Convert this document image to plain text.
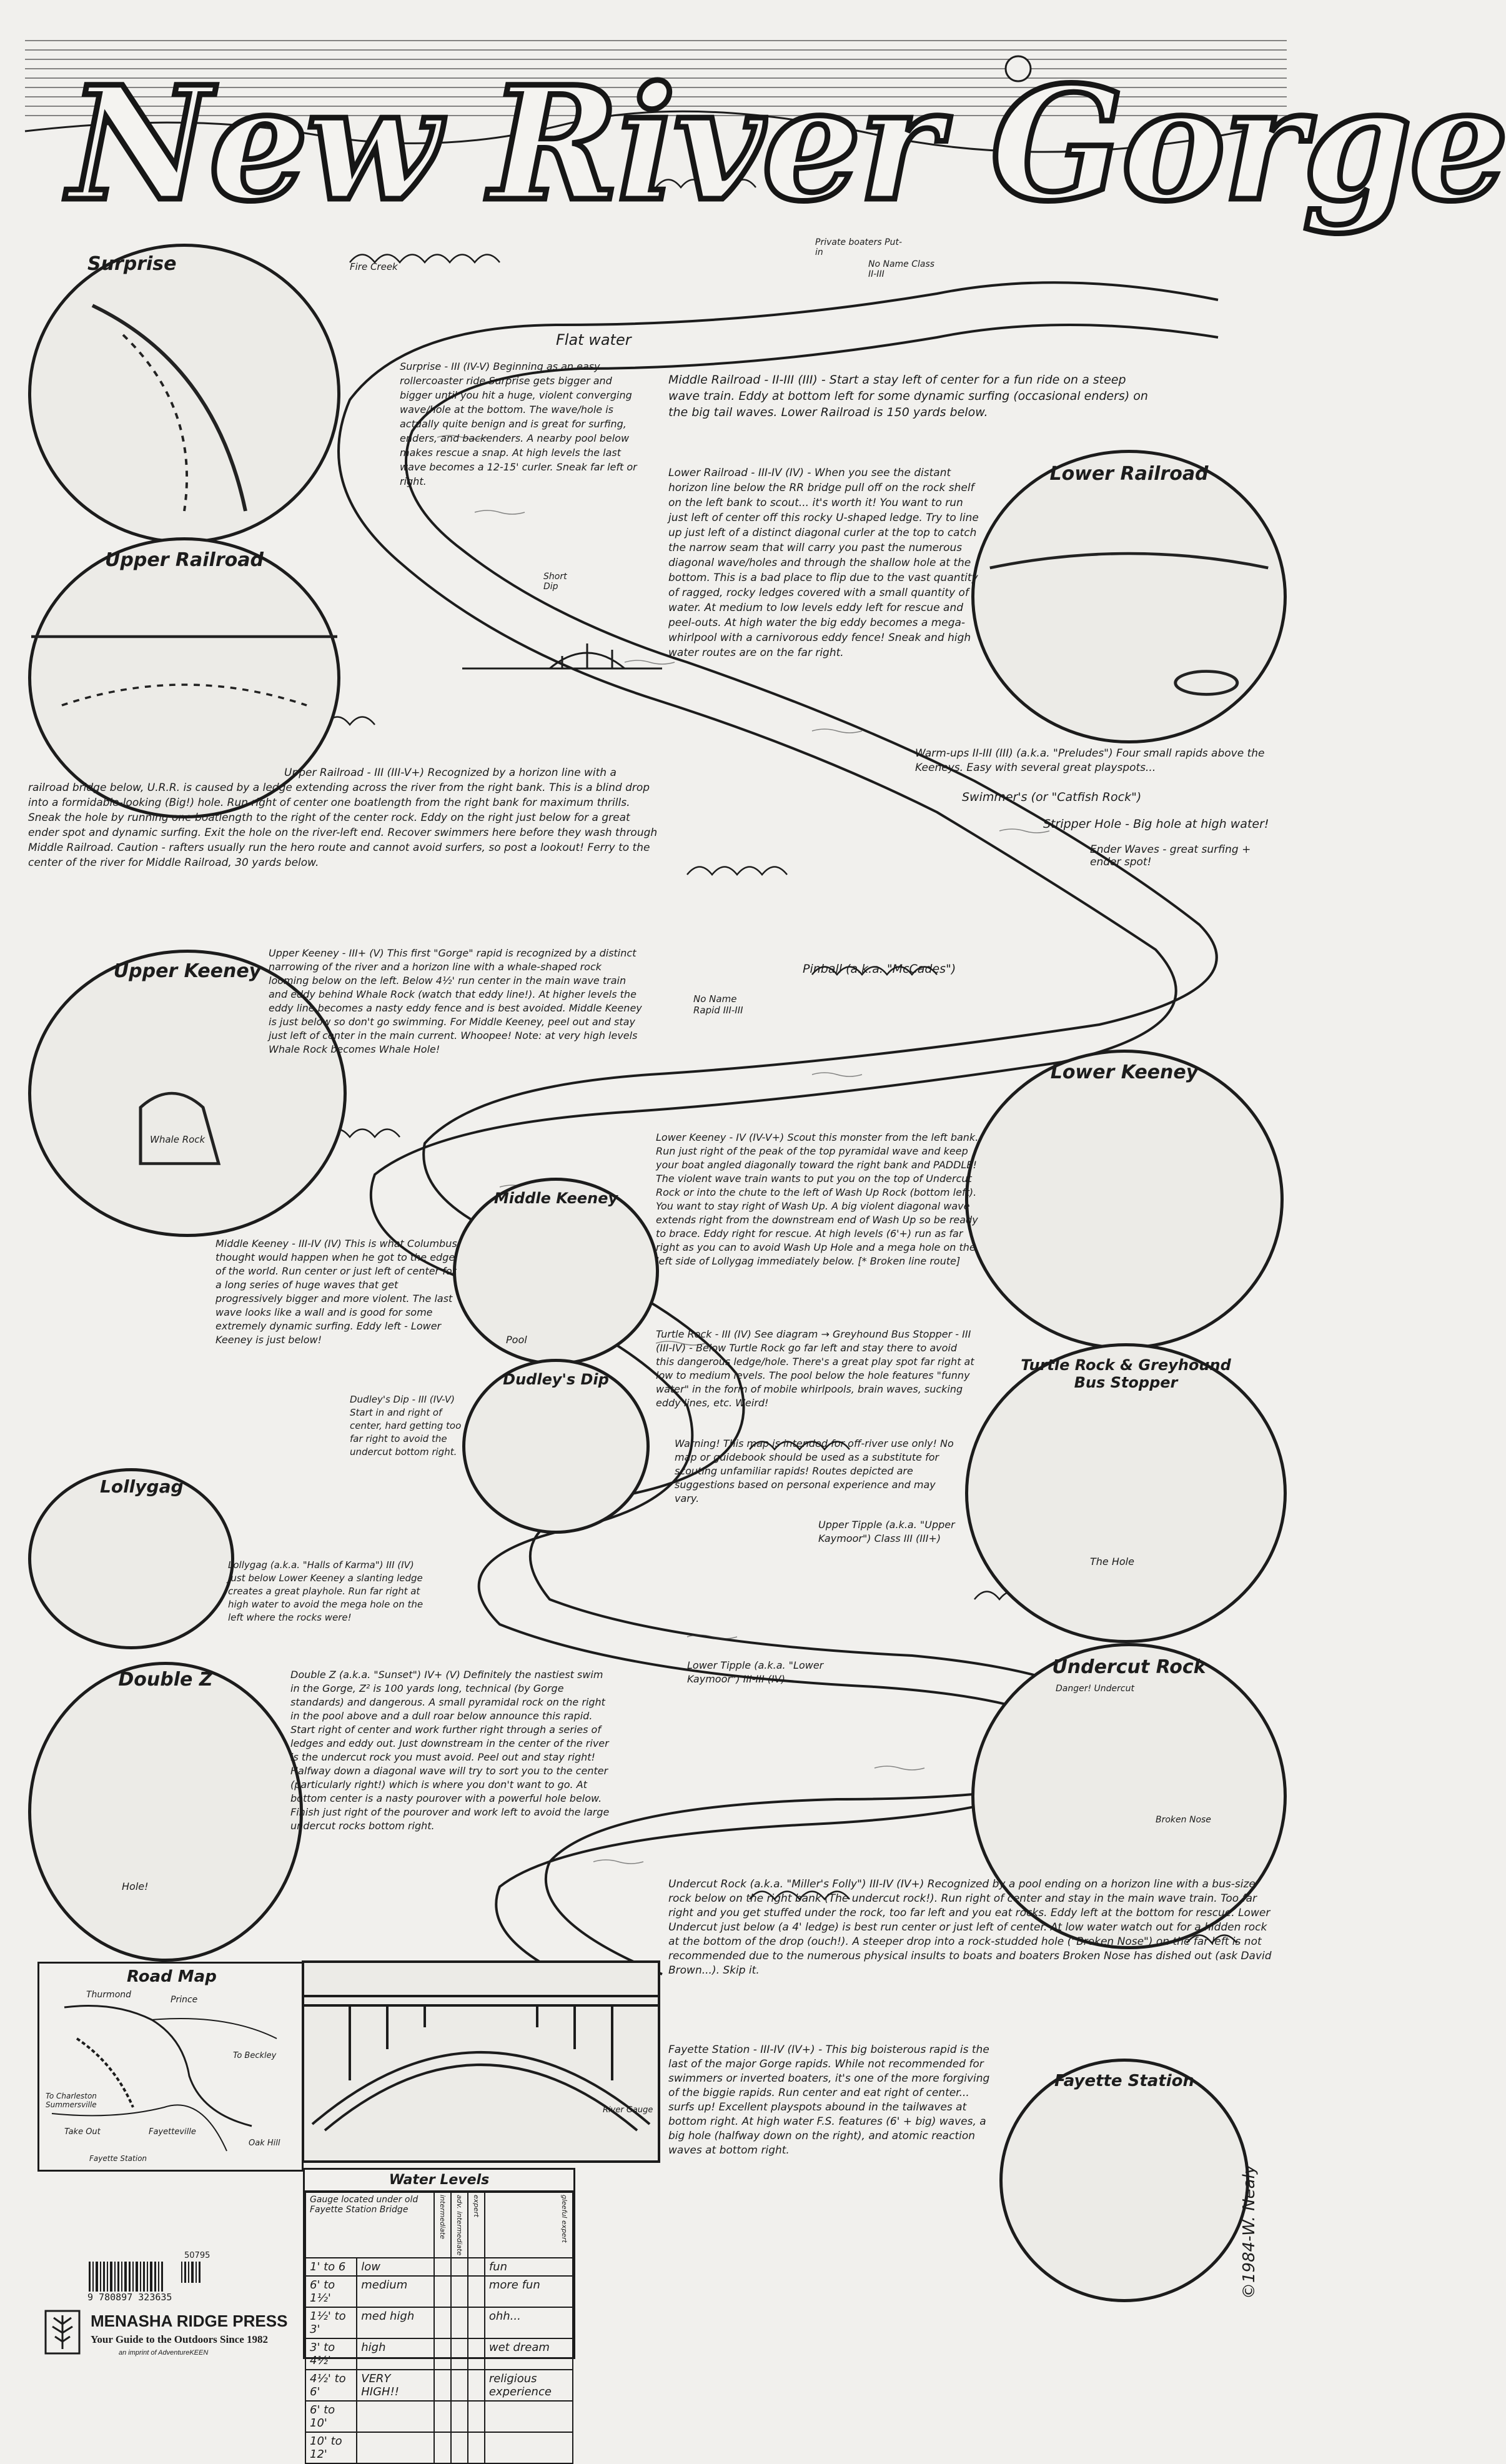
New River Gorge
Surprise
Upper Railroad
Lower Railroad
Upper Keeney
Middle Keeney
Lower Keeney
Dudley's Dip
Lollygag
Turtle Rock & Greyhound Bus Stopper
Double Z
Undercut Rock
Fayette Station

Surprise - III (IV-V) Beginning as an easy rollercoaster ride Surprise gets bigger and bigger until you hit a huge, violent converging wave/hole at the bottom. The wave/hole is actually quite benign and is great for surfing, enders, and backenders. A nearby pool below makes rescue a snap. At high levels the last wave becomes a 12-15' curler. Sneak far left or right.

Middle Railroad - II-III (III) - Start a stay left of center for a fun ride on a steep wave train. Eddy at bottom left for some dynamic surfing (occasional enders) on the big tail waves. Lower Railroad is 150 yards below.

Lower Railroad - III-IV (IV) - When you see the distant horizon line below the RR bridge pull off on the rock shelf on the left bank to scout... it's worth it! You want to run just left of center off this rocky U-shaped ledge. Try to line up just left of a distinct diagonal curler at the top to catch the narrow seam that will carry you past the numerous diagonal wave/holes and through the shallow hole at the bottom. This is a bad place to flip due to the vast quantity of ragged, rocky ledges covered with a small quantity of water. At medium to low levels eddy left for rescue and peel-outs. At high water the big eddy becomes a mega-whirlpool with a carnivorous eddy fence! Sneak and high water routes are on the far right.

Upper Railroad - III (III-V+) Recognized by a horizon line with a railroad bridge below, U.R.R. is caused by a ledge extending across the river from the right bank. This is a blind drop into a formidable-looking (Big!) hole. Run right of center one boatlength from the right bank for maximum thrills. Sneak the hole by running one boatlength to the right of the center rock. Eddy on the right just below for a great ender spot and dynamic surfing. Exit the hole on the river-left end. Recover swimmers here before they wash through Middle Railroad. Caution - rafters usually run the hero route and cannot avoid surfers, so post a lookout! Ferry to the center of the river for Middle Railroad, 30 yards below.

Warm-ups II-III (III) (a.k.a. "Preludes") Four small rapids above the Keeneys. Easy with several great playspots...

Upper Keeney - III+ (V) This first "Gorge" rapid is recognized by a distinct narrowing of the river and a horizon line with a whale-shaped rock looming below on the left. Below 4½' run center in the main wave train and eddy behind Whale Rock (watch that eddy line!). At higher levels the eddy line becomes a nasty eddy fence and is best avoided. Middle Keeney is just below so don't go swimming. For Middle Keeney, peel out and stay just left of center in the main current. Whoopee! Note: at very high levels Whale Rock becomes Whale Hole!

Lower Keeney - IV (IV-V+) Scout this monster from the left bank. Run just right of the peak of the top pyramidal wave and keep your boat angled diagonally toward the right bank and PADDLE! The violent wave train wants to put you on the top of Undercut Rock or into the chute to the left of Wash Up Rock (bottom left). You want to stay right of Wash Up. A big violent diagonal wave extends right from the downstream end of Wash Up so be ready to brace. Eddy right for rescue. At high levels (6'+) run as far right as you can to avoid Wash Up Hole and a mega hole on the left side of Lollygag immediately below. [* Broken line route]

Middle Keeney - III-IV (IV) This is what Columbus thought would happen when he got to the edge of the world. Run center or just left of center for a long series of huge waves that get progressively bigger and more violent. The last wave looks like a wall and is good for some extremely dynamic surfing. Eddy left - Lower Keeney is just below!

Dudley's Dip - III (IV-V) Start in and right of center, hard getting too far right to avoid the undercut bottom right.

Turtle Rock - III (IV) See diagram → Greyhound Bus Stopper - III (III-IV) - Below Turtle Rock go far left and stay there to avoid this dangerous ledge/hole. There's a great play spot far right at low to medium levels. The pool below the hole features "funny water" in the form of mobile whirlpools, brain waves, sucking eddy lines, etc. Weird!

Warning! This map is intended for off-river use only! No map or guidebook should be used as a substitute for scouting unfamiliar rapids! Routes depicted are suggestions based on personal experience and may vary.

Upper Tipple (a.k.a. "Upper Kaymoor") Class III (III+)

Lower Tipple (a.k.a. "Lower Kaymoor") III-III (IV)

Lollygag (a.k.a. "Halls of Karma") III (IV) Just below Lower Keeney a slanting ledge creates a great playhole. Run far right at high water to avoid the mega hole on the left where the rocks were!

Double Z (a.k.a. "Sunset") IV+ (V) Definitely the nastiest swim in the Gorge, Z² is 100 yards long, technical (by Gorge standards) and dangerous. A small pyramidal rock on the right in the pool above and a dull roar below announce this rapid. Start right of center and work further right through a series of ledges and eddy out. Just downstream in the center of the river is the undercut rock you must avoid. Peel out and stay right! Halfway down a diagonal wave will try to sort you to the center (particularly right!) which is where you don't want to go. At bottom center is a nasty pourover with a powerful hole below. Finish just right of the pourover and work left to avoid the large undercut rocks bottom right.

Undercut Rock (a.k.a. "Miller's Folly") III-IV (IV+) Recognized by a pool ending on a horizon line with a bus-size rock below on the right bank (The undercut rock!). Run right of center and stay in the main wave train. Too far right and you get stuffed under the rock, too far left and you eat rocks. Eddy left at the bottom for rescue. Lower Undercut just below (a 4' ledge) is best run center or just left of center. At low water watch out for a hidden rock at the bottom of the drop (ouch!). A steeper drop into a rock-studded hole ("Broken Nose") on the far left is not recommended due to the numerous physical insults to boats and boaters Broken Nose has dished out (ask David Brown...). Skip it.

Fayette Station - III-IV (IV+) - This big boisterous rapid is the last of the major Gorge rapids. While not recommended for swimmers or inverted boaters, it's one of the more forgiving of the biggie rapids. Run center and eat right of center... surfs up! Excellent playspots abound in the tailwaves at bottom right. At high water F.S. features (6' + big) waves, a big hole (halfway down on the right), and atomic reaction waves at bottom right.

Flat water
Private boaters Put-in
No Name Class II-III
Fire Creek
Short Dip
Swimmer's (or "Catfish Rock")
Stripper Hole - Big hole at high water!
Ender Waves - great surfing + ender spot!
Pinball (a.k.a. "McCades")
No Name Rapid III-III
Whale Rock
The Hole
Broken Nose
Danger! Undercut
Hole!
River Gauge
Pool
Road Map
Thurmond	Prince
To Beckley
To Charleston Summersville
Take Out	Fayetteville
Oak Hill
Fayette Station
Water Levels
Gauge located under old Fayette Station Bridge		intermediate	adv. intermediate	expert	gleeful expert
1' to 6	low				fun
6' to 1½'	medium				more fun
1½' to 3'	med high				ohh...
3' to 4½'	high				wet dream
4½' to 6'	VERY HIGH!!				religious experience
6' to 10'					
10' to 12'					
9 780897 323635
50795
MENASHA RIDGE PRESS
Your Guide to the Outdoors Since 1982
an imprint of AdventureKEEN
©1984-W. Nealy
